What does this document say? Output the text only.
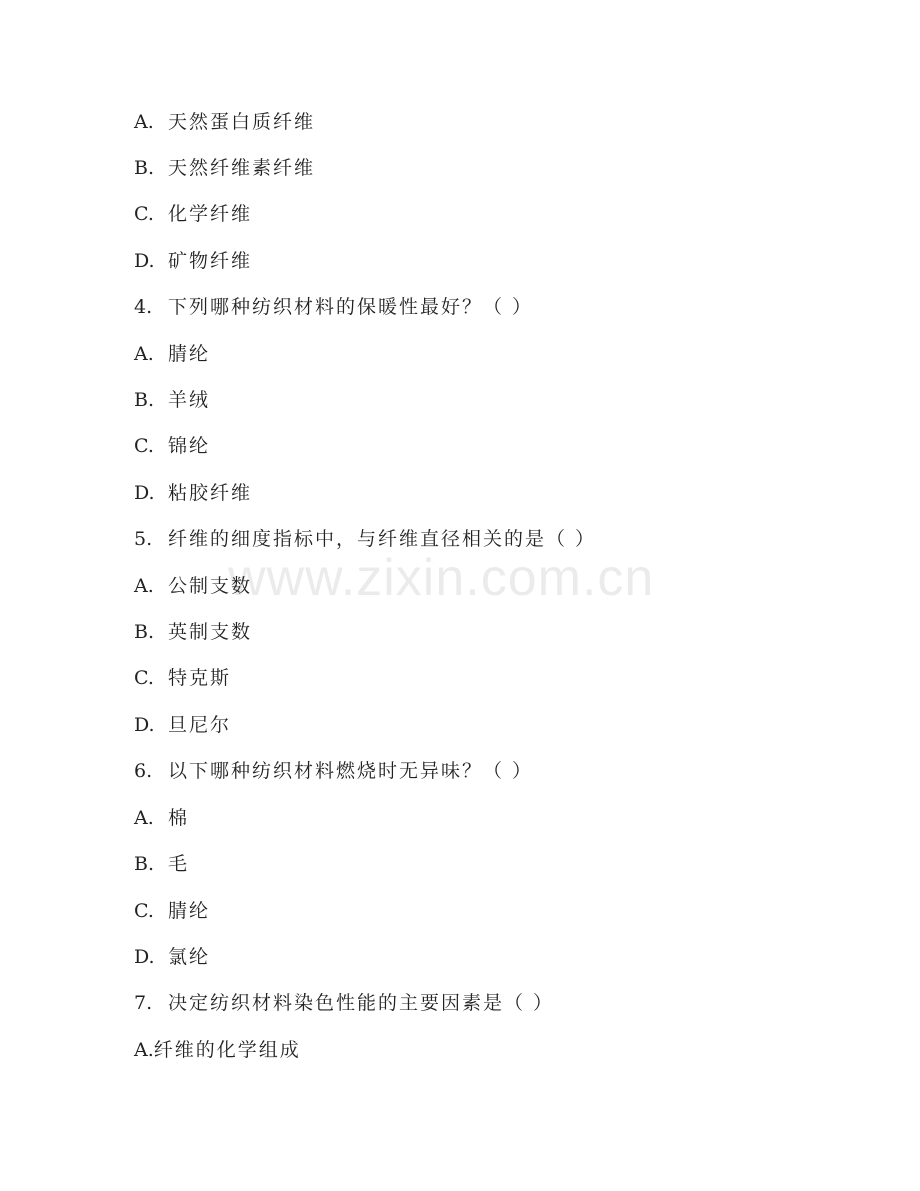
A. 天然蛋白质纤维
B. 天然纤维素纤维
C. 化学纤维
D. 矿物纤维
4. 下列哪种纺织材料的保暖性最好？（ ）
A. 腈纶
B. 羊绒
C. 锦纶
D. 粘胶纤维
5. 纤维的细度指标中，与纤维直径相关的是（ ）
A. 公制支数
B. 英制支数
C. 特克斯
D. 旦尼尔
6. 以下哪种纺织材料燃烧时无异味？（ ）
A. 棉
B. 毛
C. 腈纶
D. 氯纶
7. 决定纺织材料染色性能的主要因素是（ ）
A.纤维的化学组成
www.zixin.com.cn
